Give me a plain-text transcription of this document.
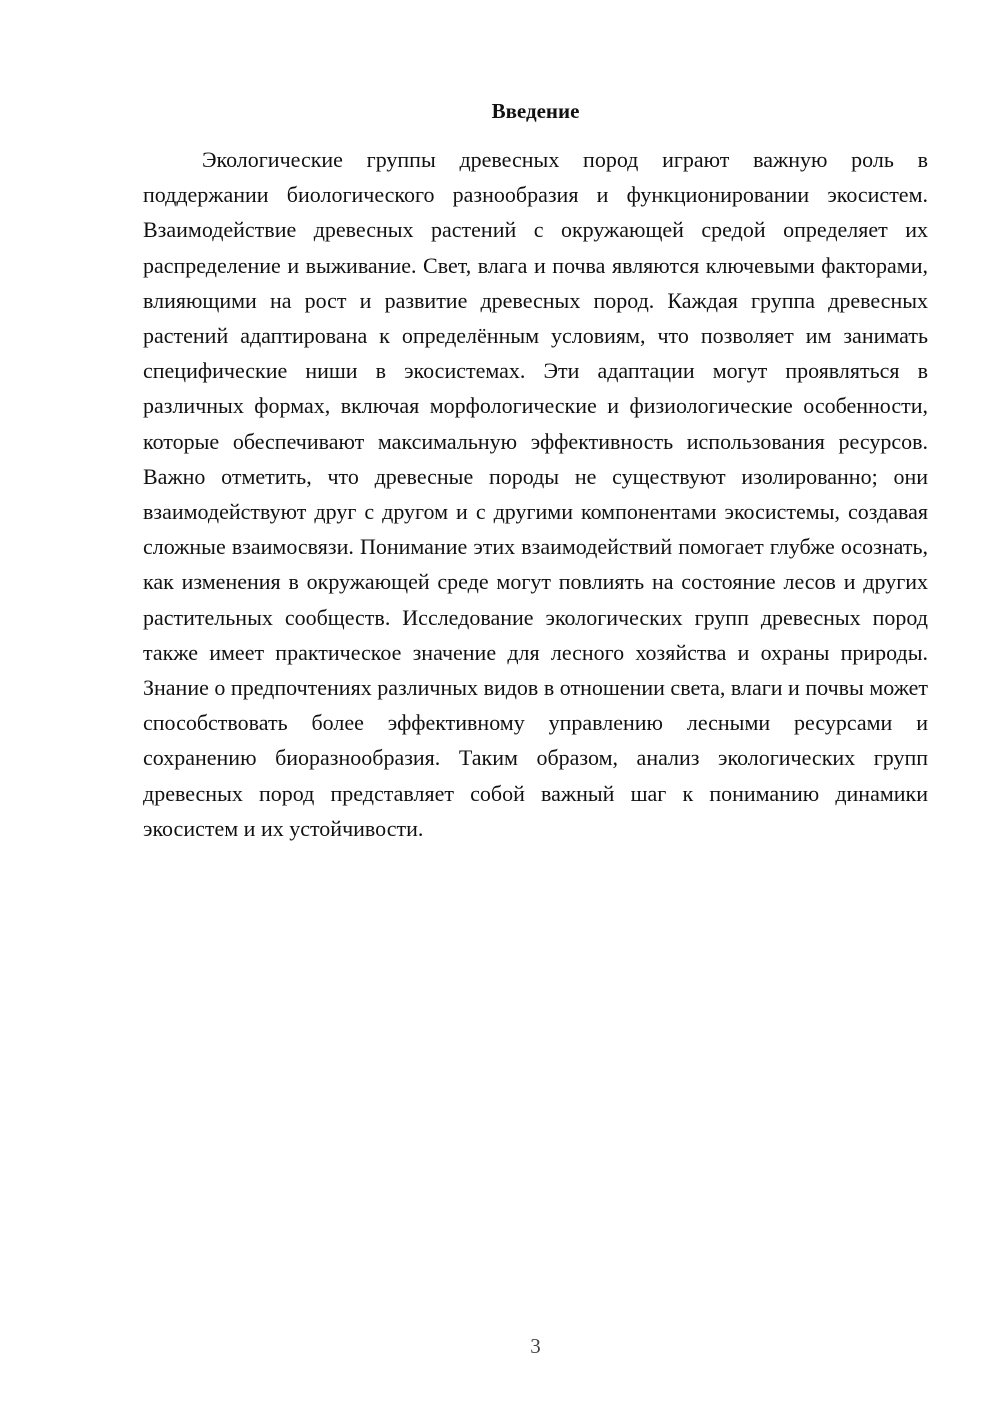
Введение

Экологические группы древесных пород играют важную роль в поддержании биологического разнообразия и функционировании экосистем. Взаимодействие древесных растений с окружающей средой определяет их распределение и выживание. Свет, влага и почва являются ключевыми факторами, влияющими на рост и развитие древесных пород. Каждая группа древесных растений адаптирована к определённым условиям, что позволяет им занимать специфические ниши в экосистемах. Эти адаптации могут проявляться в различных формах, включая морфологические и физиологические особенности, которые обеспечивают максимальную эффективность использования ресурсов. Важно отметить, что древесные породы не существуют изолированно; они взаимодействуют друг с другом и с другими компонентами экосистемы, создавая сложные взаимосвязи. Понимание этих взаимодействий помогает глубже осознать, как изменения в окружающей среде могут повлиять на состояние лесов и других растительных сообществ. Исследование экологических групп древесных пород также имеет практическое значение для лесного хозяйства и охраны природы. Знание о предпочтениях различных видов в отношении света, влаги и почвы может способствовать более эффективному управлению лесными ресурсами и сохранению биоразнообразия. Таким образом, анализ экологических групп древесных пород представляет собой важный шаг к пониманию динамики экосистем и их устойчивости.

3
